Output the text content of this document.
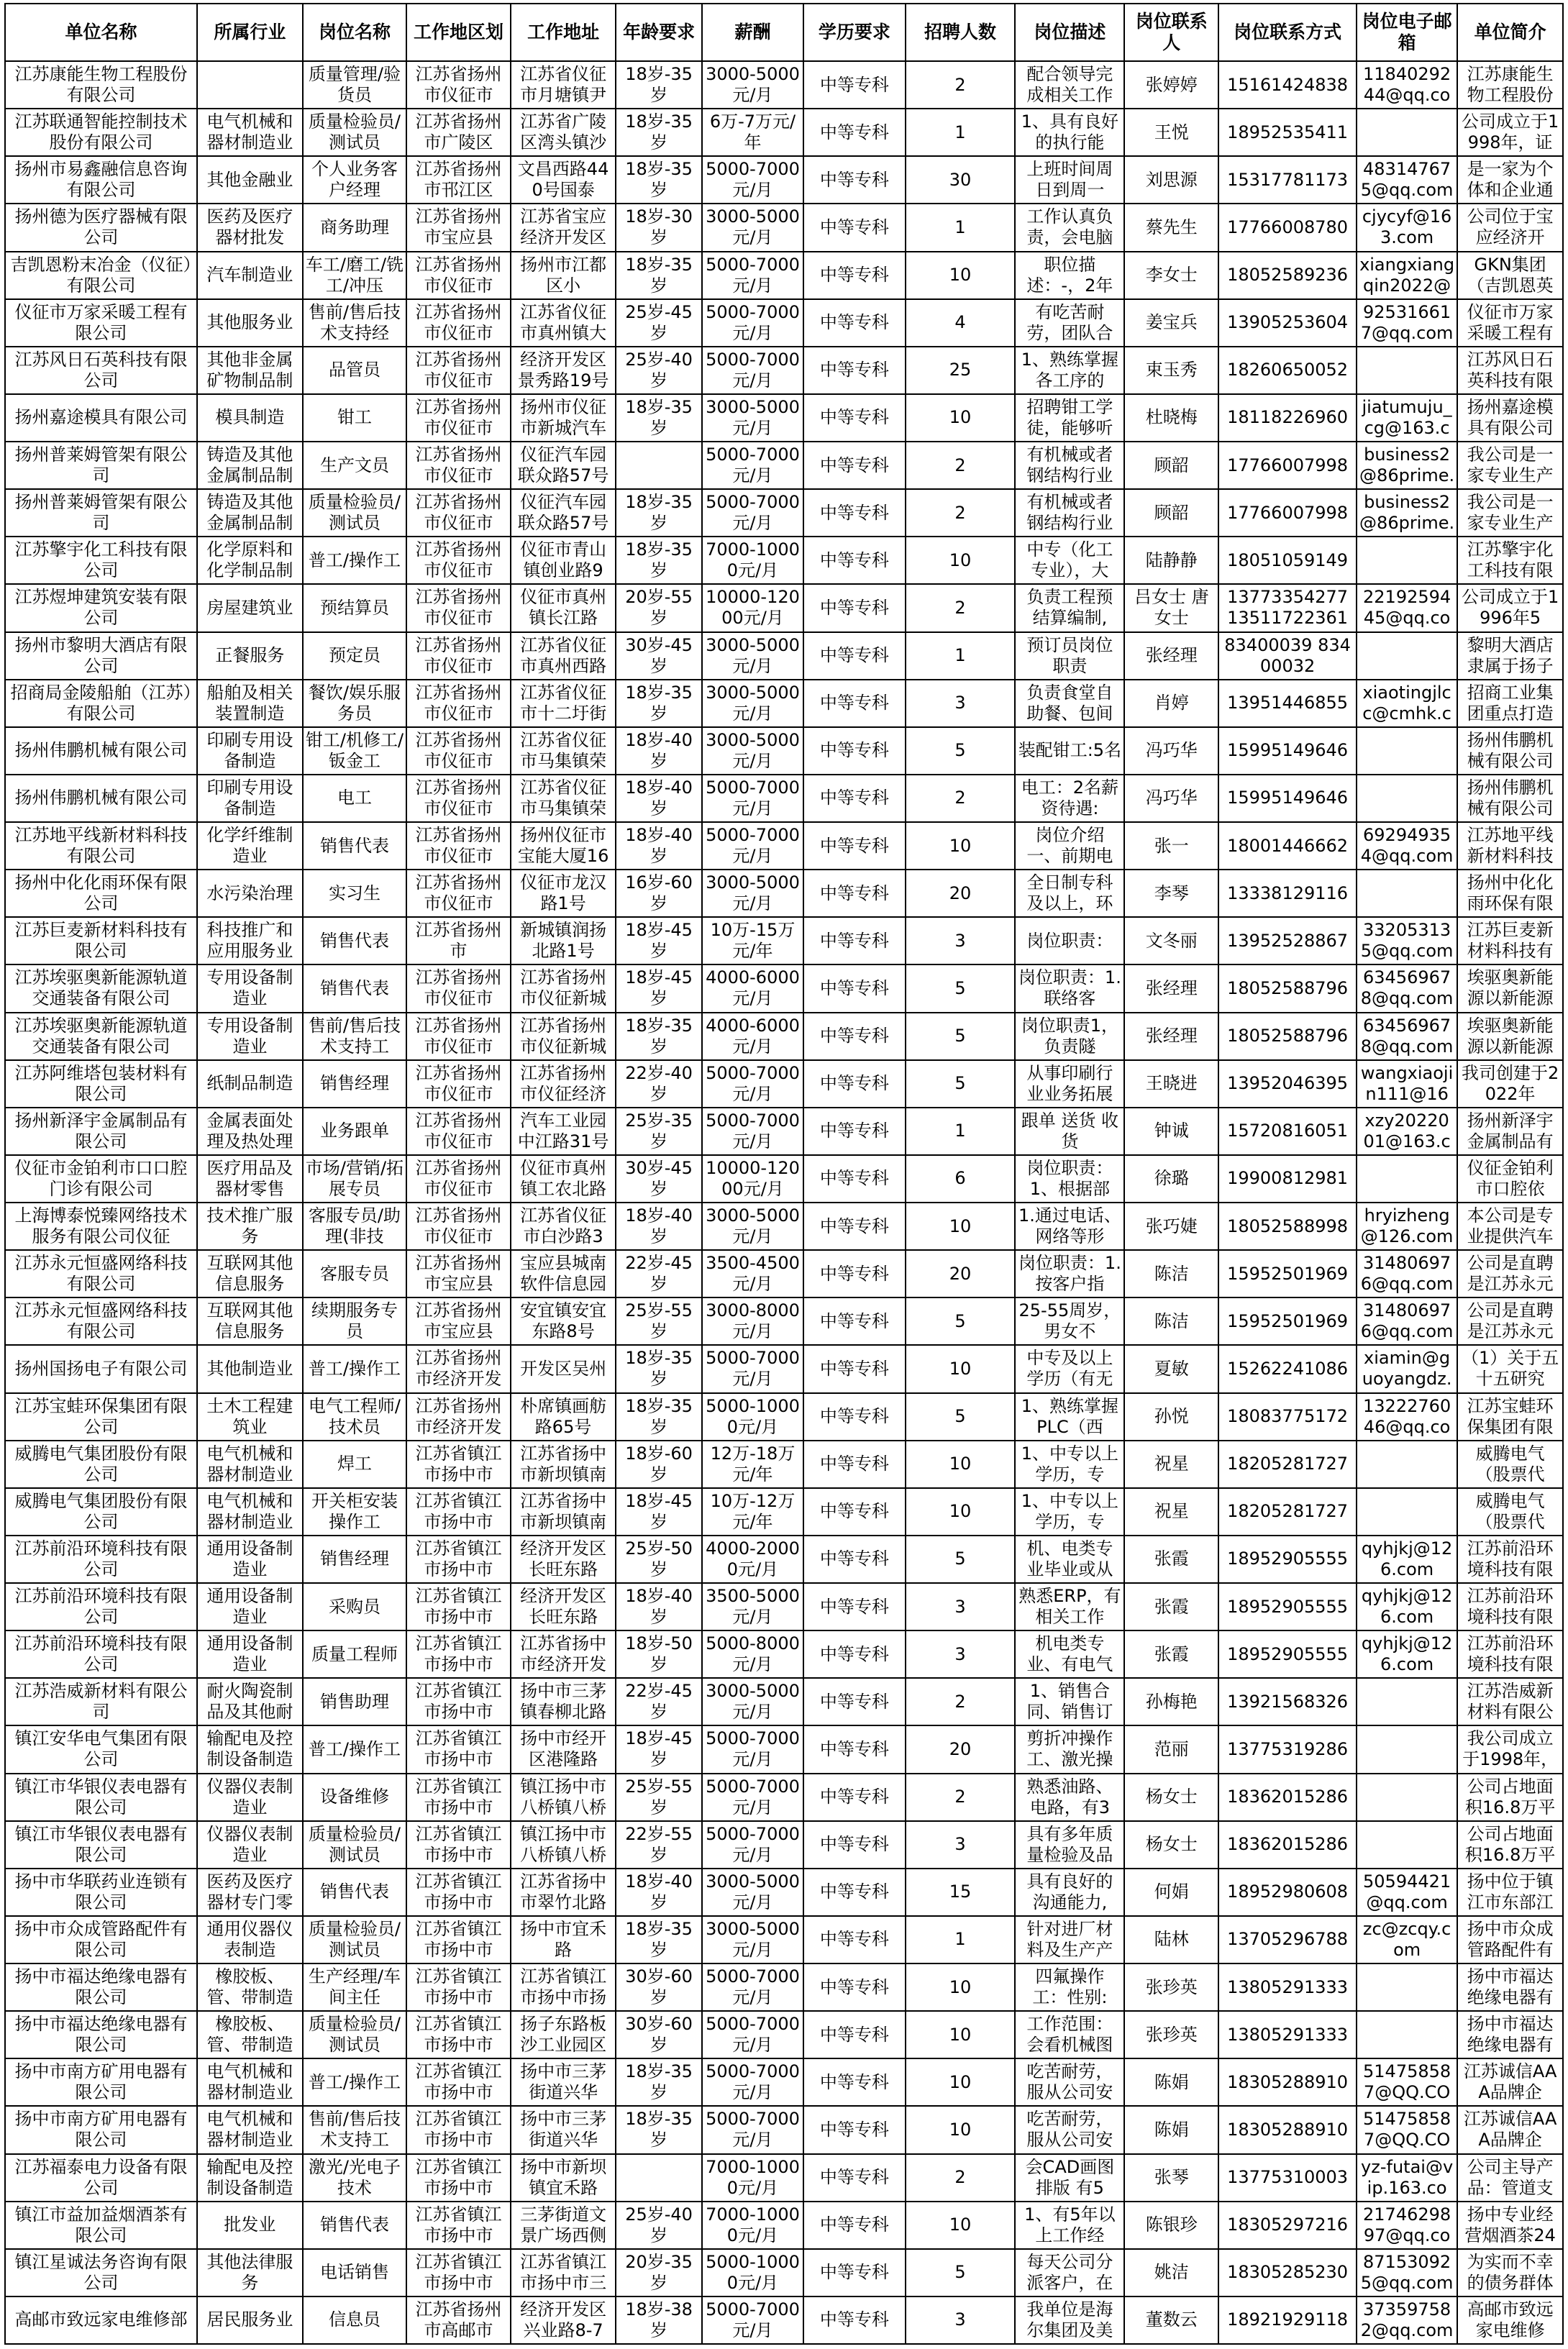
单位名称	所属行业	岗位名称	工作地区划	工作地址	年龄要求	薪酬	学历要求	招聘人数	岗位描述	岗位联系人	岗位联系方式	岗位电子邮箱	单位简介

江苏康能生物工程股份有限公司		质量管理/验货员	江苏省扬州市仪征市	江苏省仪征市月塘镇尹	18岁-35岁	3000-5000元/月	中等专科	2	配合领导完成相关工作	张婷婷	15161424838	1184029244@qq.co	江苏康能生物工程股份

江苏联通智能控制技术股份有限公司	电气机械和器材制造业	质量检验员/测试员	江苏省扬州市广陵区	江苏省广陵区湾头镇沙	18岁-35岁	6万-7万元/年	中等专科	1	1、具有良好的执行能	王悦	18952535411		公司成立于1998年，证

扬州市易鑫融信息咨询有限公司	其他金融业	个人业务客户经理	江苏省扬州市邗江区	文昌西路440号国泰	18岁-35岁	5000-7000元/月	中等专科	30	上班时间周日到周一	刘思源	15317781173	483147675@qq.com	是一家为个体和企业通

扬州德为医疗器械有限公司	医药及医疗器材批发	商务助理	江苏省扬州市宝应县	江苏省宝应经济开发区	18岁-30岁	3000-5000元/月	中等专科	1	工作认真负责，会电脑	蔡先生	17766008780	cjycyf@163.com	公司位于宝应经济开

吉凯恩粉末冶金（仪征）有限公司	汽车制造业	车工/磨工/铣工/冲压	江苏省扬州市仪征市	扬州市江都区小	18岁-35岁	5000-7000元/月	中等专科	10	职位描述：-，2年	李女士	18052589236	xiangxiangqin2022@	GKN集团（吉凯恩英

仪征市万家采暖工程有限公司	其他服务业	售前/售后技术支持经	江苏省扬州市仪征市	江苏省仪征市真州镇大	25岁-45岁	5000-7000元/月	中等专科	4	有吃苦耐劳，团队合	姜宝兵	13905253604	925316617@qq.com	仪征市万家采暖工程有

江苏风日石英科技有限公司	其他非金属矿物制品制	品管员	江苏省扬州市仪征市	经济开发区景秀路19号	25岁-40岁	5000-7000元/月	中等专科	25	1、熟练掌握各工序的	束玉秀	18260650052		江苏风日石英科技有限

扬州嘉途模具有限公司	模具制造	钳工	江苏省扬州市仪征市	扬州市仪征市新城汽车	18岁-35岁	3000-5000元/月	中等专科	10	招聘钳工学徒，能够听	杜晓梅	18118226960	jiatumuju_cg@163.c	扬州嘉途模具有限公司

扬州普莱姆管架有限公司	铸造及其他金属制品制	生产文员	江苏省扬州市仪征市	仪征汽车园联众路57号		5000-7000元/月	中等专科	2	有机械或者钢结构行业	顾韶	17766007998	business2@86prime.	我公司是一家专业生产

扬州普莱姆管架有限公司	铸造及其他金属制品制	质量检验员/测试员	江苏省扬州市仪征市	仪征汽车园联众路57号	18岁-35岁	5000-7000元/月	中等专科	2	有机械或者钢结构行业	顾韶	17766007998	business2@86prime.	我公司是一家专业生产

江苏擎宇化工科技有限公司	化学原料和化学制品制	普工/操作工	江苏省扬州市仪征市	仪征市青山镇创业路9	18岁-35岁	7000-10000元/月	中等专科	10	中专（化工专业），大	陆静静	18051059149		江苏擎宇化工科技有限

江苏煜坤建筑安装有限公司	房屋建筑业	预结算员	江苏省扬州市仪征市	仪征市真州镇长江路	20岁-55岁	10000-12000元/月	中等专科	2	负责工程预结算编制,	吕女士 唐女士	13773354277 13511722361	2219259445@qq.co	公司成立于1996年5

扬州市黎明大酒店有限公司	正餐服务	预定员	江苏省扬州市仪征市	江苏省仪征市真州西路	30岁-45岁	3000-5000元/月	中等专科	1	预订员岗位职责	张经理	83400039 83400032		黎明大酒店隶属于扬子

招商局金陵船舶（江苏）有限公司	船舶及相关装置制造	餐饮/娱乐服务员	江苏省扬州市仪征市	江苏省仪征市十二圩街	18岁-35岁	3000-5000元/月	中等专科	3	负责食堂自助餐、包间	肖婷	13951446855	xiaotingjlcc@cmhk.c	招商工业集团重点打造

扬州伟鹏机械有限公司	印刷专用设备制造	钳工/机修工/钣金工	江苏省扬州市仪征市	江苏省仪征市马集镇荣	18岁-40岁	3000-5000元/月	中等专科	5	装配钳工:5名	冯巧华	15995149646		扬州伟鹏机械有限公司

扬州伟鹏机械有限公司	印刷专用设备制造	电工	江苏省扬州市仪征市	江苏省仪征市马集镇荣	18岁-40岁	5000-7000元/月	中等专科	2	电工：2名薪资待遇:	冯巧华	15995149646		扬州伟鹏机械有限公司

江苏地平线新材料科技有限公司	化学纤维制造业	销售代表	江苏省扬州市仪征市	扬州仪征市宝能大厦16	18岁-40岁	5000-7000元/月	中等专科	10	岗位介绍一、前期电	张一	18001446662	692949354@qq.com	江苏地平线新材料科技

扬州中化化雨环保有限公司	水污染治理	实习生	江苏省扬州市仪征市	仪征市龙汉路1号	16岁-60岁	3000-5000元/月	中等专科	20	全日制专科及以上，环	李琴	13338129116		扬州中化化雨环保有限

江苏巨麦新材料科技有限公司	科技推广和应用服务业	销售代表	江苏省扬州市	新城镇润扬北路1号	18岁-45岁	10万-15万元/年	中等专科	3	岗位职责：	文冬丽	13952528867	332053135@qq.com	江苏巨麦新材料科技有

江苏埃驱奥新能源轨道交通装备有限公司	专用设备制造业	销售代表	江苏省扬州市仪征市	江苏省扬州市仪征新城	18岁-45岁	4000-6000元/月	中等专科	5	岗位职责：1.联络客	张经理	18052588796	634569678@qq.com	埃驱奥新能源以新能源

江苏埃驱奥新能源轨道交通装备有限公司	专用设备制造业	售前/售后技术支持工	江苏省扬州市仪征市	江苏省扬州市仪征新城	18岁-35岁	4000-6000元/月	中等专科	5	岗位职责1，负责隧	张经理	18052588796	634569678@qq.com	埃驱奥新能源以新能源

江苏阿维塔包装材料有限公司	纸制品制造	销售经理	江苏省扬州市仪征市	江苏省扬州市仪征经济	22岁-40岁	5000-7000元/月	中等专科	5	从事印刷行业业务拓展	王晓进	13952046395	wangxiaojin111@16	我司创建于2022年

扬州新泽宇金属制品有限公司	金属表面处理及热处理	业务跟单	江苏省扬州市仪征市	汽车工业园中江路31号	25岁-35岁	5000-7000元/月	中等专科	1	跟单 送货 收货	钟诚	15720816051	xzy2022001@163.c	扬州新泽宇金属制品有

仪征市金铂利市口口腔门诊有限公司	医疗用品及器材零售	市场/营销/拓展专员	江苏省扬州市仪征市	仪征市真州镇工农北路	30岁-45岁	10000-12000元/月	中等专科	6	岗位职责：1、根据部	徐璐	19900812981		仪征金铂利市口腔依

上海博泰悦臻网络技术服务有限公司仪征	技术推广服务	客服专员/助理(非技	江苏省扬州市仪征市	江苏省仪征市白沙路3	18岁-40岁	3000-5000元/月	中等专科	10	1.通过电话、网络等形	张巧婕	18052588998	hryizheng@126.com	本公司是专业提供汽车

江苏永元恒盛网络科技有限公司	互联网其他信息服务	客服专员	江苏省扬州市宝应县	宝应县城南软件信息园	22岁-45岁	3500-4500元/月	中等专科	20	岗位职责：1.按客户指	陈洁	15952501969	314806976@qq.com	公司是直聘是江苏永元

江苏永元恒盛网络科技有限公司	互联网其他信息服务	续期服务专员	江苏省扬州市宝应县	安宜镇安宜东路8号	25岁-55岁	3000-8000元/月	中等专科	5	25-55周岁，男女不	陈洁	15952501969	314806976@qq.com	公司是直聘是江苏永元

扬州国扬电子有限公司	其他制造业	普工/操作工	江苏省扬州市经济开发	开发区吴州	18岁-35岁	5000-7000元/月	中等专科	10	中专及以上学历（有无	夏敏	15262241086	xiamin@guoyangdz.	（1）关于五十五研究

江苏宝蛙环保集团有限公司	土木工程建筑业	电气工程师/技术员	江苏省扬州市经济开发	朴席镇画舫路65号	18岁-35岁	5000-10000元/月	中等专科	5	1、熟练掌握PLC（西	孙悦	18083775172	1322276046@qq.co	江苏宝蛙环保集团有限

威腾电气集团股份有限公司	电气机械和器材制造业	焊工	江苏省镇江市扬中市	江苏省扬中市新坝镇南	18岁-60岁	12万-18万元/年	中等专科	10	1、中专以上学历，专	祝星	18205281727		威腾电气（股票代

威腾电气集团股份有限公司	电气机械和器材制造业	开关柜安装操作工	江苏省镇江市扬中市	江苏省扬中市新坝镇南	18岁-45岁	10万-12万元/年	中等专科	10	1、中专以上学历，专	祝星	18205281727		威腾电气（股票代

江苏前沿环境科技有限公司	通用设备制造业	销售经理	江苏省镇江市扬中市	经济开发区长旺东路	25岁-50岁	4000-20000元/月	中等专科	5	机、电类专业毕业或从	张霞	18952905555	qyhjkj@126.com	江苏前沿环境科技有限

江苏前沿环境科技有限公司	通用设备制造业	采购员	江苏省镇江市扬中市	经济开发区长旺东路	18岁-40岁	3500-5000元/月	中等专科	3	熟悉ERP，有相关工作	张霞	18952905555	qyhjkj@126.com	江苏前沿环境科技有限

江苏前沿环境科技有限公司	通用设备制造业	质量工程师	江苏省镇江市扬中市	江苏省扬中市经济开发	18岁-50岁	5000-8000元/月	中等专科	3	机电类专业、有电气	张霞	18952905555	qyhjkj@126.com	江苏前沿环境科技有限

江苏浩威新材料有限公司	耐火陶瓷制品及其他耐	销售助理	江苏省镇江市扬中市	扬中市三茅镇春柳北路	22岁-45岁	3000-5000元/月	中等专科	2	1、销售合同、销售订	孙梅艳	13921568326		江苏浩威新材料有限公

镇江安华电气集团有限公司	输配电及控制设备制造	普工/操作工	江苏省镇江市扬中市	扬中市经开区港隆路	18岁-45岁	5000-7000元/月	中等专科	20	剪折冲操作工、激光操	范丽	13775319286		我公司成立于1998年，

镇江市华银仪表电器有限公司	仪器仪表制造业	设备维修	江苏省镇江市扬中市	镇江扬中市八桥镇八桥	25岁-55岁	5000-7000元/月	中等专科	2	熟悉油路、电路，有3	杨女士	18362015286		公司占地面积16.8万平

镇江市华银仪表电器有限公司	仪器仪表制造业	质量检验员/测试员	江苏省镇江市扬中市	镇江扬中市八桥镇八桥	22岁-55岁	5000-7000元/月	中等专科	3	具有多年质量检验及品	杨女士	18362015286		公司占地面积16.8万平

扬中市华联药业连锁有限公司	医药及医疗器材专门零	销售代表	江苏省镇江市扬中市	江苏省扬中市翠竹北路	18岁-40岁	3000-5000元/月	中等专科	15	具有良好的沟通能力,	何娟	18952980608	50594421@qq.com	扬中位于镇江市东部江

扬中市众成管路配件有限公司	通用仪器仪表制造	质量检验员/测试员	江苏省镇江市扬中市	扬中市宜禾路	18岁-35岁	3000-5000元/月	中等专科	1	针对进厂材料及生产产	陆林	13705296788	zc@zcqy.com	扬中市众成管路配件有

扬中市福达绝缘电器有限公司	橡胶板、管、带制造	生产经理/车间主任	江苏省镇江市扬中市	江苏省镇江市扬中市扬	30岁-60岁	5000-7000元/月	中等专科	10	四氟操作工：性别:	张珍英	13805291333		扬中市福达绝缘电器有

扬中市福达绝缘电器有限公司	橡胶板、管、带制造	质量检验员/测试员	江苏省镇江市扬中市	扬子东路板沙工业园区	30岁-60岁	5000-7000元/月	中等专科	10	工作范围：会看机械图	张珍英	13805291333		扬中市福达绝缘电器有

扬中市南方矿用电器有限公司	电气机械和器材制造业	普工/操作工	江苏省镇江市扬中市	扬中市三茅街道兴华	18岁-35岁	5000-7000元/月	中等专科	10	吃苦耐劳，服从公司安	陈娟	18305288910	514758587@QQ.CO	江苏诚信AAA品牌企

扬中市南方矿用电器有限公司	电气机械和器材制造业	售前/售后技术支持工	江苏省镇江市扬中市	扬中市三茅街道兴华	18岁-35岁	5000-7000元/月	中等专科	10	吃苦耐劳，服从公司安	陈娟	18305288910	514758587@QQ.CO	江苏诚信AAA品牌企

江苏福泰电力设备有限公司	输配电及控制设备制造	激光/光电子技术	江苏省镇江市扬中市	扬中市新坝镇宜禾路		7000-10000元/月	中等专科	2	会CAD画图 排版 有5	张琴	13775310003	yz-futai@vip.163.co	公司主导产品：管道支

镇江市益加益烟酒茶有限公司	批发业	销售代表	江苏省镇江市扬中市	三茅街道文景广场西侧	25岁-40岁	7000-10000元/月	中等专科	10	1、有5年以上工作经	陈银珍	18305297216	2174629897@qq.co	扬中专业经营烟酒茶24

镇江星诚法务咨询有限公司	其他法律服务	电话销售	江苏省镇江市扬中市	江苏省镇江市扬中市三	20岁-35岁	5000-10000元/月	中等专科	5	每天公司分派客户，在	姚洁	18305285230	871530925@qq.com	为实而不幸的债务群体

高邮市致远家电维修部	居民服务业	信息员	江苏省扬州市高邮市	经济开发区兴业路8-7	18岁-38岁	5000-7000元/月	中等专科	3	我单位是海尔集团及美	董数云	18921929118	373597582@qq.com	高邮市致远家电维修
